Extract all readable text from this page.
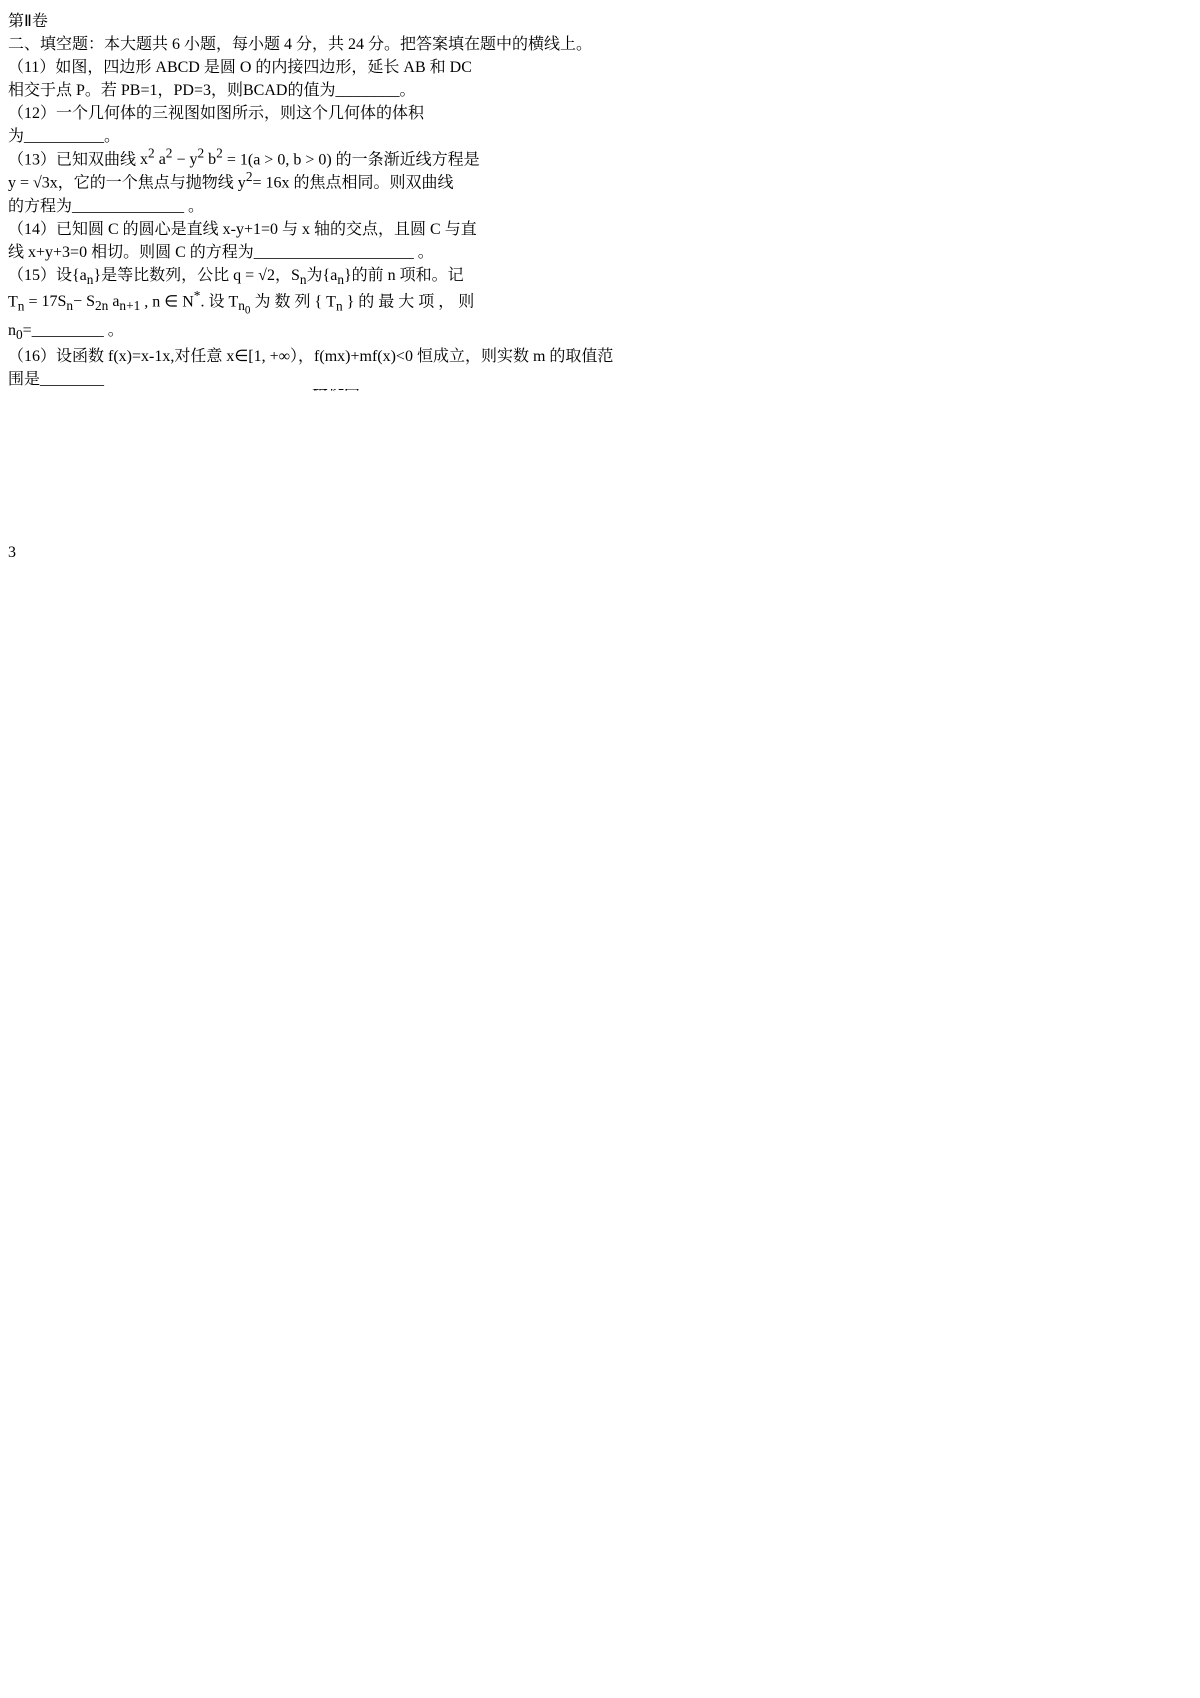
第Ⅱ卷
二、填空题：本大题共 6 小题，每小题 4 分，共 24 分。把答案填在题中的横线上。
（11）如图，四边形 ABCD 是圆 O 的内接四边形，延长 AB 和 DC
相交于点 P。若 PB=1，PD=3，则BCAD的值为________。
（12）一个几何体的三视图如图所示，则这个几何体的体积
为__________。
（13）已知双曲线 $x^2$ $a^2 - y^2$ $b^2 = 1(a > 0$, b > 0) 的一条渐近线方程是
y = √3x，它的一个焦点与抛物线 $y^2= 16x$ 的焦点相同。则双曲线
的方程为______________ 。
（14）已知圆 C 的圆心是直线 x-y+1=0 与 x 轴的交点，且圆 C 与直
线 x+y+3=0 相切。则圆 C 的方程为____________________ 。
（15）设$\{a_n\}$是等比数列，公比 q = √2，$S_n$为$\{a_n\}$的前 n 项和。记
$T_n = 17S_n- S_{2n}$ $a_{n+1}$ , n ∈ N*. 设 $T_{n_0}$ 为 数 列 { $T_n$ } 的 最 大 项 ， 则
$n_0=\_\_\_\_\_\_\_\_\_$ 。
（16）设函数 f(x)=x-1x,对任意 x∈[1, +∞），f(mx)+mf(x)<0 恒成立，则实数 m 的取值范
围是________

3
